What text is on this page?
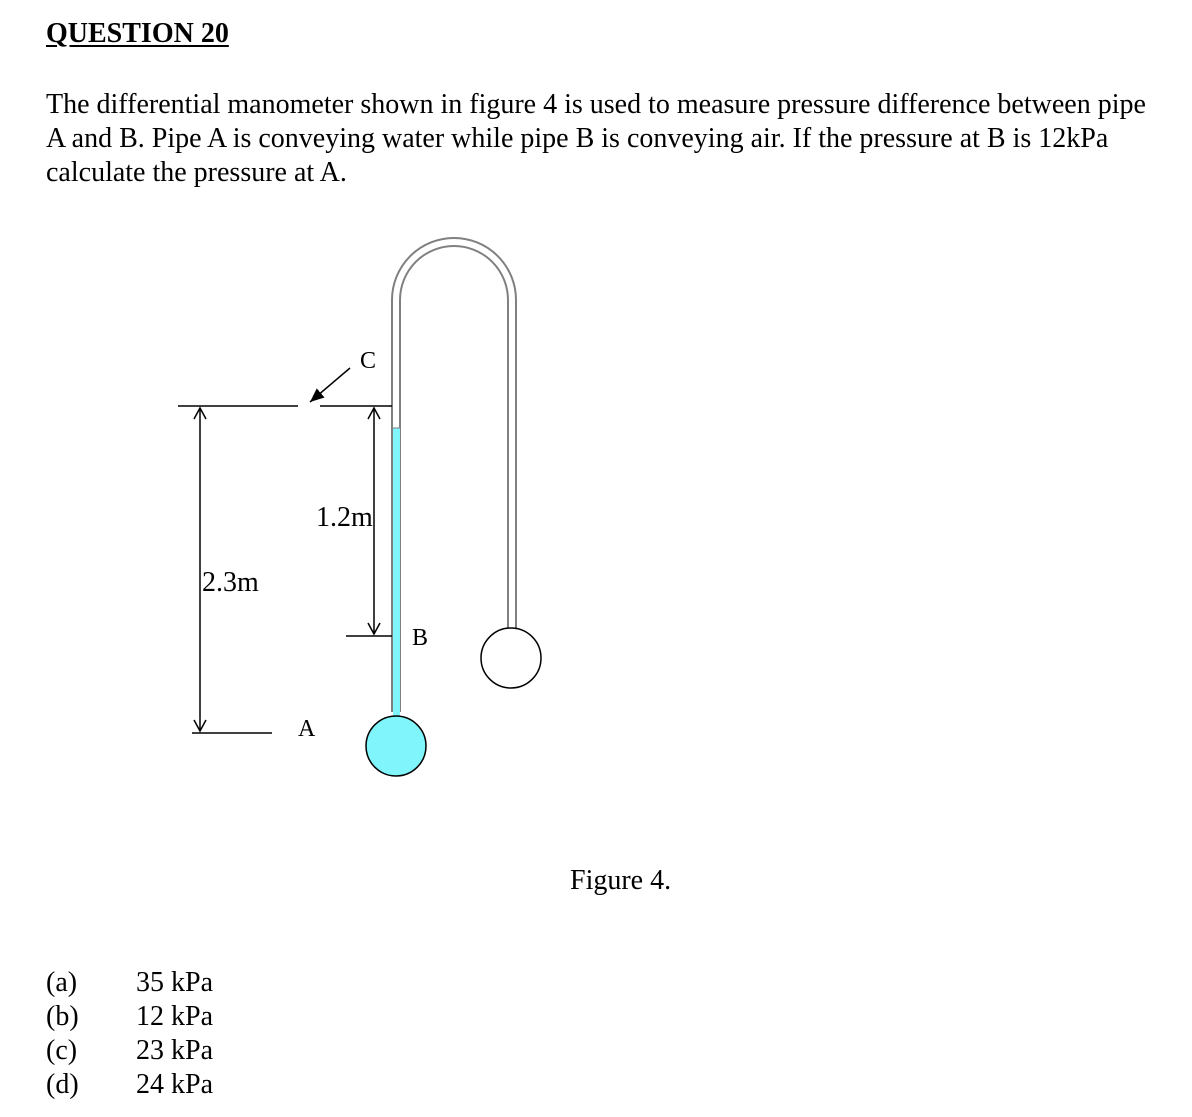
QUESTION 20

The differential manometer shown in figure 4 is used to measure pressure difference between pipe A and B. Pipe A is conveying water while pipe B is conveying air. If the pressure at B is 12kPa calculate the pressure at A.

C
A
B
2.3m
1.2m
Figure 4.
(a)	35 kPa
(b)	12 kPa
(c)	23 kPa
(d)	24 kPa
